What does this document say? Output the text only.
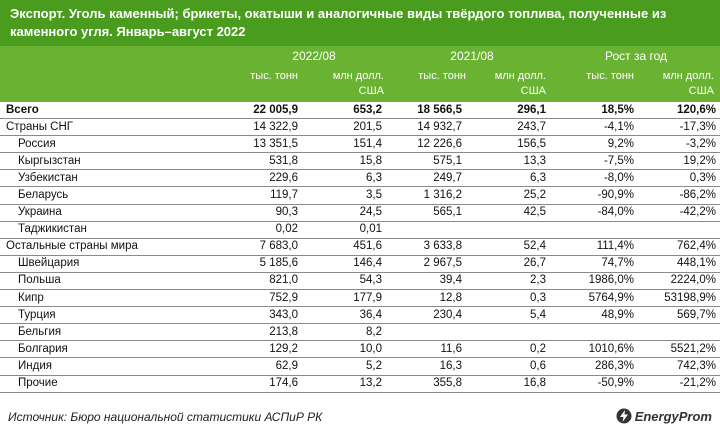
Экспорт. Уголь каменный; брикеты, окатыши и аналогичные виды твёрдого топлива, полученные из каменного угля. Январь–август 2022
2022/08	2021/08	Рост за год
тыс. тонн	млн долл. США
тыс. тонн	млн долл. США
тыс. тонн	млн долл. США
Всего	22 005,9	653,2	18 566,5	296,1	18,5%	120,6%
Страны СНГ	14 322,9	201,5	14 932,7	243,7	-4,1%	-17,3%
Россия	13 351,5	151,4	12 226,6	156,5	9,2%	-3,2%
Кыргызстан	531,8	15,8	575,1	13,3	-7,5%	19,2%
Узбекистан	229,6	6,3	249,7	6,3	-8,0%	0,3%
Беларусь	119,7	3,5	1 316,2	25,2	-90,9%	-86,2%
Украина	90,3	24,5	565,1	42,5	-84,0%	-42,2%
Таджикистан	0,02	0,01				
Остальные страны мира	7 683,0	451,6	3 633,8	52,4	111,4%	762,4%
Швейцария	5 185,6	146,4	2 967,5	26,7	74,7%	448,1%
Польша	821,0	54,3	39,4	2,3	1986,0%	2224,0%
Кипр	752,9	177,9	12,8	0,3	5764,9%	53198,9%
Турция	343,0	36,4	230,4	5,4	48,9%	569,7%
Бельгия	213,8	8,2				
Болгария	129,2	10,0	11,6	0,2	1010,6%	5521,2%
Индия	62,9	5,2	16,3	0,6	286,3%	742,3%
Прочие	174,6	13,2	355,8	16,8	-50,9%	-21,2%
Источник: Бюро национальной статистики АСПиР РК	EnergyProm
